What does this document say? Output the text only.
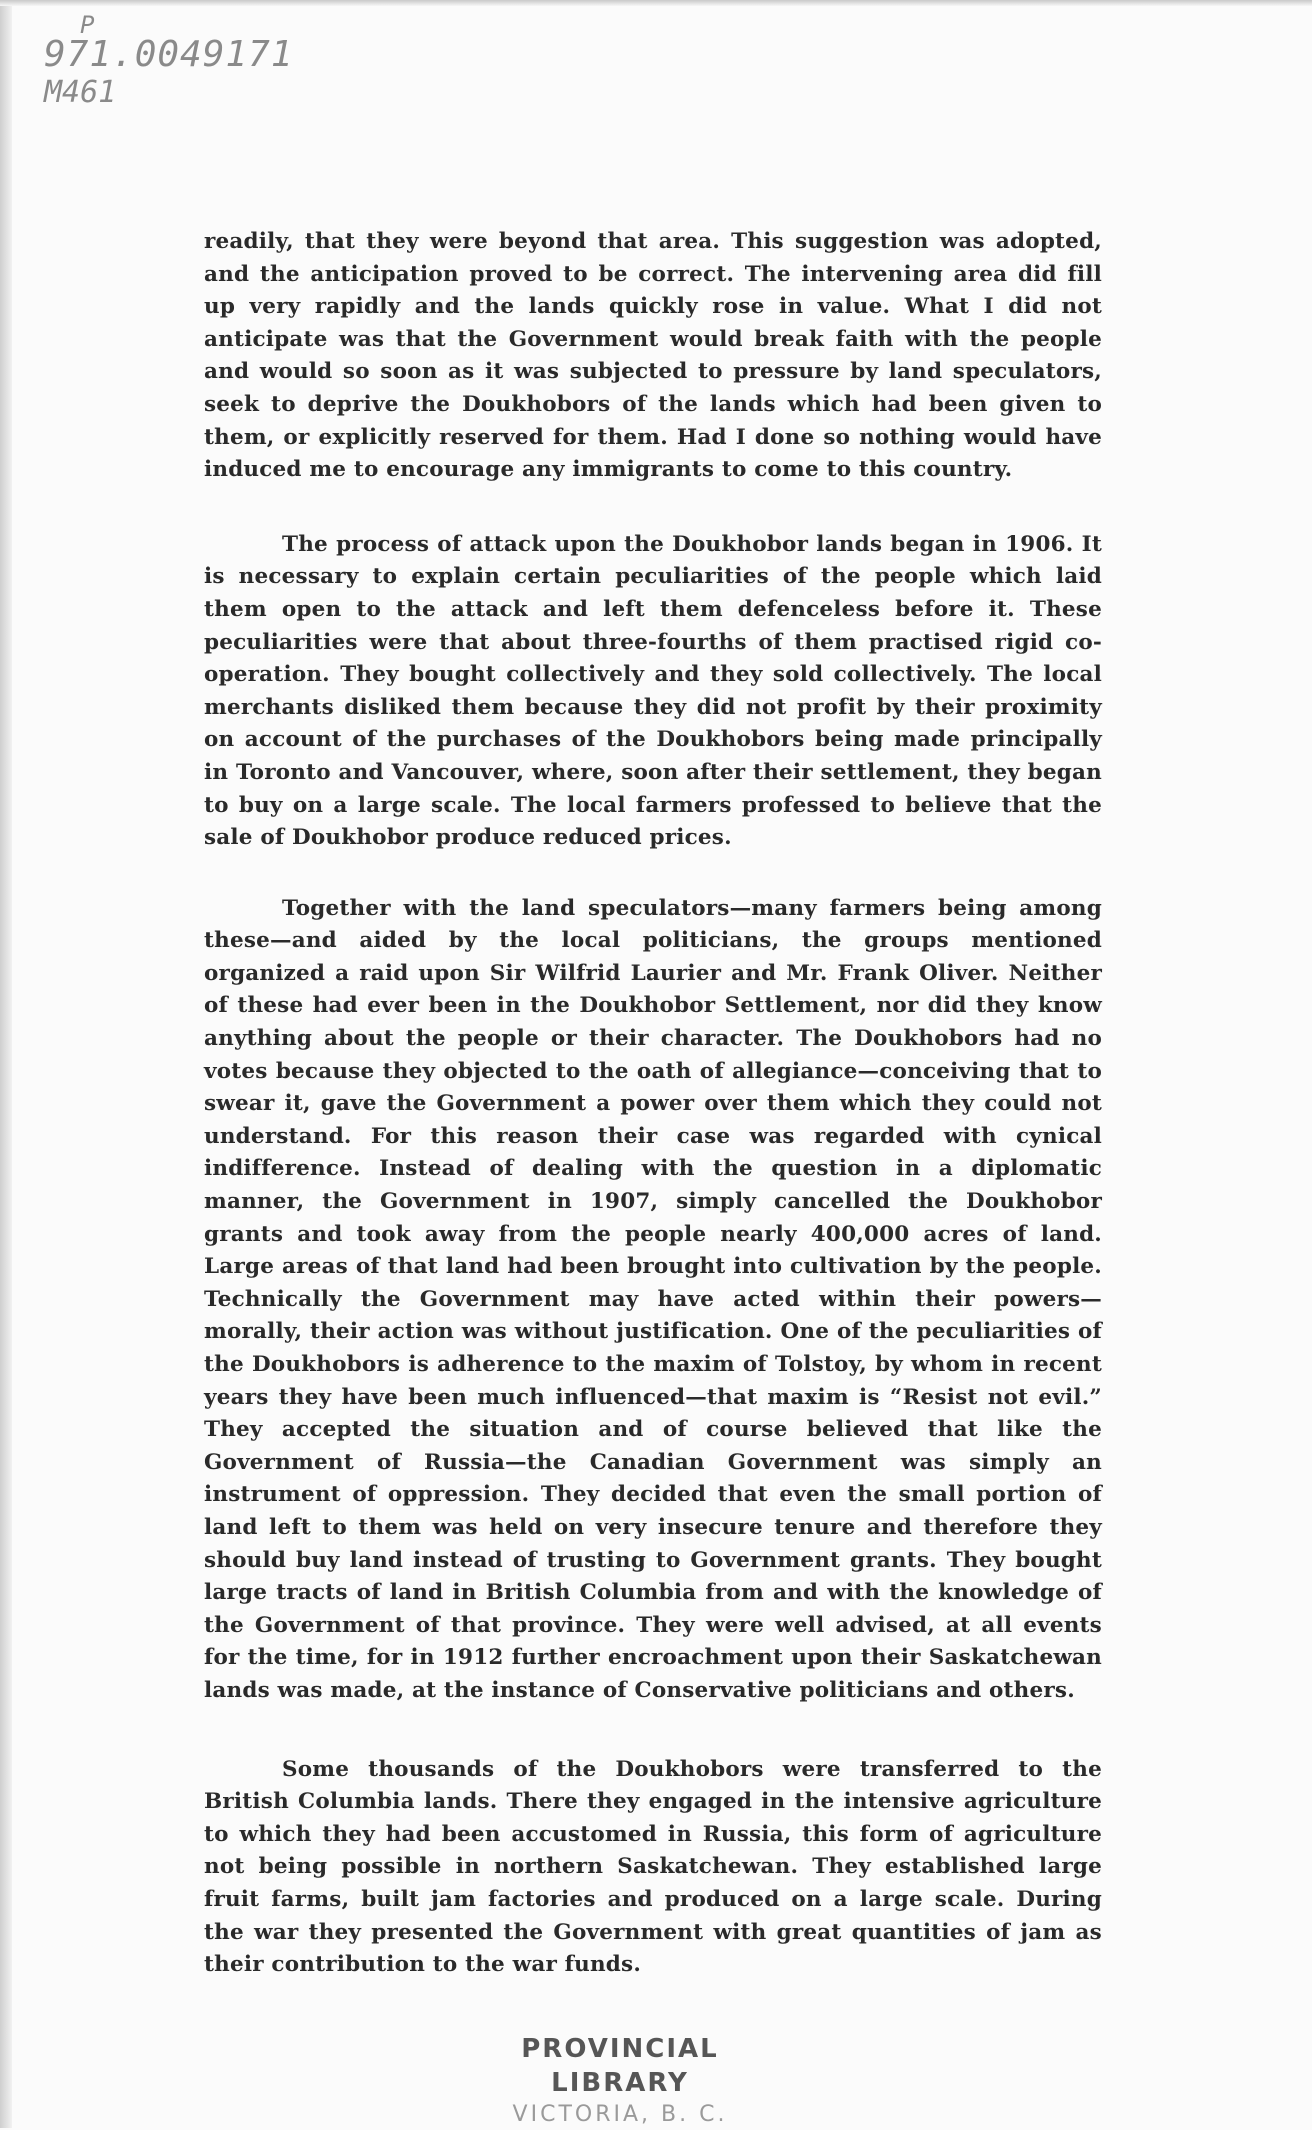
P
971.0049171
M461

readily, that they were beyond that area. This suggestion was adopted, and the anticipation proved to be correct. The intervening area did fill up very rapidly and the lands quickly rose in value. What I did not anticipate was that the Government would break faith with the people and would so soon as it was subjected to pressure by land speculators, seek to deprive the Doukhobors of the lands which had been given to them, or explicitly reserved for them. Had I done so nothing would have induced me to encourage any immigrants to come to this country.

The process of attack upon the Doukhobor lands began in 1906. It is necessary to explain certain peculiarities of the people which laid them open to the attack and left them defenceless before it. These peculiarities were that about three-fourths of them practised rigid co-operation. They bought collectively and they sold collectively. The local merchants disliked them because they did not profit by their proximity on account of the purchases of the Doukhobors being made principally in Toronto and Vancouver, where, soon after their settlement, they began to buy on a large scale. The local farmers professed to believe that the sale of Doukhobor produce reduced prices.

Together with the land speculators—many farmers being among these—and aided by the local politicians, the groups mentioned organized a raid upon Sir Wilfrid Laurier and Mr. Frank Oliver. Neither of these had ever been in the Doukhobor Settlement, nor did they know anything about the people or their character. The Doukhobors had no votes because they objected to the oath of allegiance—conceiving that to swear it, gave the Government a power over them which they could not understand. For this reason their case was regarded with cynical indifference. Instead of dealing with the question in a diplomatic manner, the Government in 1907, simply cancelled the Doukhobor grants and took away from the people nearly 400,000 acres of land. Large areas of that land had been brought into cultivation by the people. Technically the Government may have acted within their powers—morally, their action was without justification. One of the peculiarities of the Doukhobors is adherence to the maxim of Tolstoy, by whom in recent years they have been much influenced—that maxim is “Resist not evil.” They accepted the situation and of course believed that like the Government of Russia—the Canadian Government was simply an instrument of oppression. They decided that even the small portion of land left to them was held on very insecure tenure and therefore they should buy land instead of trusting to Government grants. They bought large tracts of land in British Columbia from and with the knowledge of the Government of that province. They were well advised, at all events for the time, for in 1912 further encroachment upon their Saskatchewan lands was made, at the instance of Conservative politicians and others.

Some thousands of the Doukhobors were transferred to the British Columbia lands. There they engaged in the intensive agriculture to which they had been accustomed in Russia, this form of agriculture not being possible in northern Saskatchewan. They established large fruit farms, built jam factories and produced on a large scale. During the war they presented the Government with great quantities of jam as their contribution to the war funds.

PROVINCIAL LIBRARY
VICTORIA, B. C.
